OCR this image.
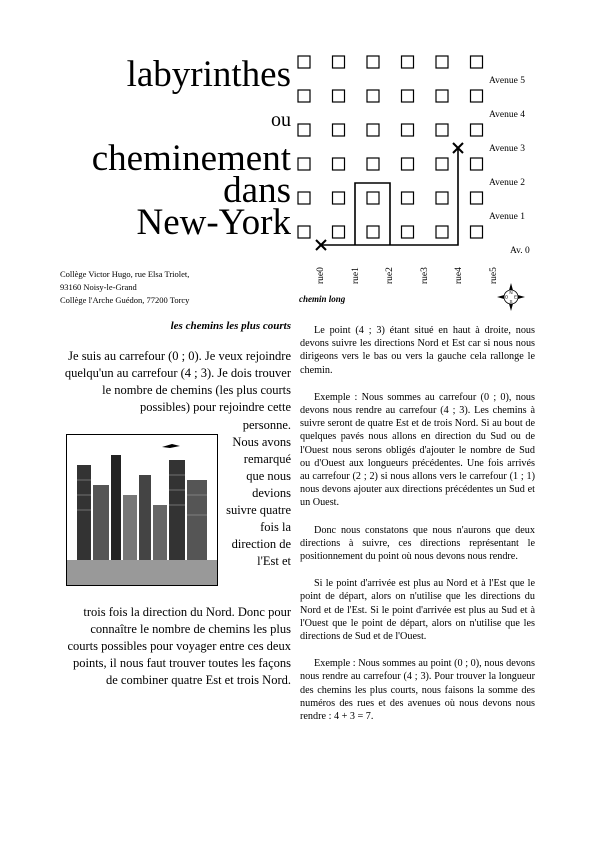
labyrinthes
ou
cheminement
dans
New-York
Collège Victor Hugo, rue Elsa Triolet,
93160 Noisy-le-Grand
Collège l'Arche Guédon, 77200 Torcy
les chemins les plus courts
Je suis au carrefour (0 ; 0). Je veux rejoindre quelqu'un au carrefour (4 ; 3). Je dois trouver le nombre de chemins (les plus courts possibles) pour rejoindre cette
personne. Nous avons remarqué que nous devions suivre quatre fois la direction de l'Est et
trois fois la direction du Nord. Donc pour connaître le nombre de chemins les plus courts possibles pour voyager entre ces deux points, il nous faut trouver toutes les façons de combiner quatre Est et trois Nord.
Avenue 5
Avenue 4
Avenue 3
Avenue 2
Avenue 1
Av. 0
rue0	rue1	rue2	rue3	rue4	rue5
chemin long
N
O E
S

Le point (4 ; 3) étant situé en haut à droite, nous devons suivre les directions Nord et Est car si nous nous dirigeons vers le bas ou vers la gauche cela rallonge le chemin.

Exemple : Nous sommes au carrefour (0 ; 0), nous devons nous rendre au carrefour (4 ; 3). Les chemins à suivre seront de quatre Est et de trois Nord. Si au bout de quelques pavés nous allons en direction du Sud ou de l'Ouest nous serons obligés d'ajouter le nombre de Sud ou d'Ouest aux longueurs précédentes. Une fois arrivés au carrefour (2 ; 2) si nous allons vers le carrefour (1 ; 1) nous devons ajouter aux directions précédentes un Sud et un Ouest.

Donc nous constatons que nous n'aurons que deux directions à suivre, ces directions représentant le positionnement du point où nous devons nous rendre.

Si le point d'arrivée est plus au Nord et à l'Est que le point de départ, alors on n'utilise que les directions du Nord et de l'Est. Si le point d'arrivée est plus au Sud et à l'Ouest que le point de départ, alors on n'utilise que les directions de Sud et de l'Ouest.

Exemple : Nous sommes au point (0 ; 0), nous devons nous rendre au carrefour (4 ; 3). Pour trouver la longueur des chemins les plus courts, nous faisons la somme des numéros des rues et des avenues où nous devons nous rendre : 4 + 3 = 7.
